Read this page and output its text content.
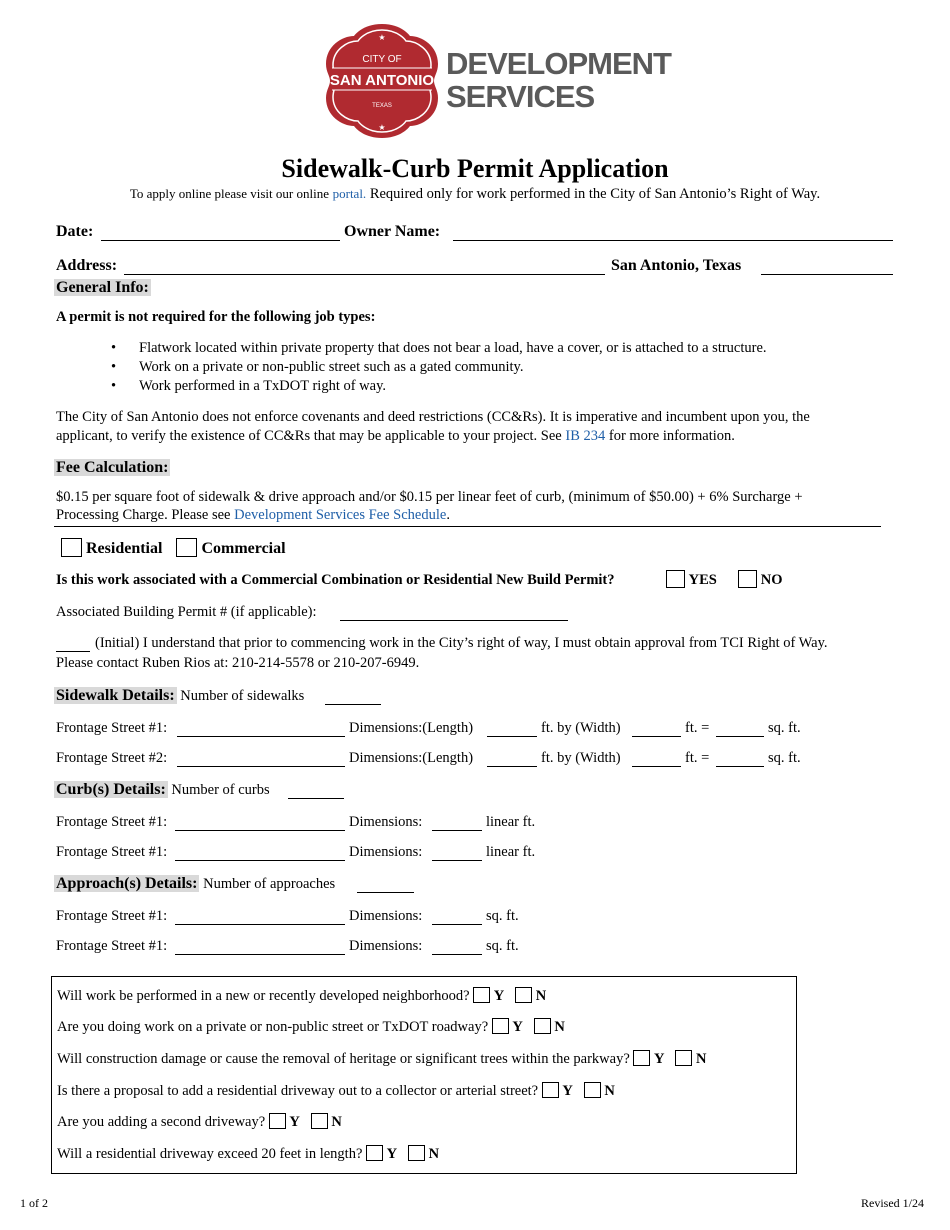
★
★
CITY OF
SAN ANTONIO
TEXAS
DEVELOPMENT
SERVICES
Sidewalk-Curb Permit Application
To apply online please visit our online portal. Required only for work performed in the City of San Antonio’s Right of Way.
Date:	Owner Name:
Address:	San Antonio, Texas
General Info:
A permit is not required for the following job types:
• Flatwork located within private property that does not bear a load, have a cover, or is attached to a structure.
• Work on a private or non-public street such as a gated community.
• Work performed in a TxDOT right of way.
The City of San Antonio does not enforce covenants and deed restrictions (CC&Rs). It is imperative and incumbent upon you, the
applicant, to verify the existence of CC&Rs that may be applicable to your project. See IB 234 for more information.
Fee Calculation:
$0.15 per square foot of sidewalk & drive approach and/or $0.15 per linear feet of curb, (minimum of $50.00) + 6% Surcharge +
Processing Charge. Please see Development Services Fee Schedule.
Residential Commercial
Is this work associated with a Commercial Combination or Residential New Build Permit?	YES	NO
Associated Building Permit # (if applicable):
(Initial) I understand that prior to commencing work in the City’s right of way, I must obtain approval from TCI Right of Way.
Please contact Ruben Rios at: 210-214-5578 or 210-207-6949.
Sidewalk Details: Number of sidewalks
Frontage Street #1:	Dimensions:(Length)	ft. by (Width)	ft. =	sq. ft.
Frontage Street #2:	Dimensions:(Length)	ft. by (Width)	ft. =	sq. ft.
Curb(s) Details: Number of curbs
Frontage Street #1:	Dimensions:	linear ft.
Frontage Street #1:	Dimensions:	linear ft.
Approach(s) Details: Number of approaches
Frontage Street #1:	Dimensions:	sq. ft.
Frontage Street #1:	Dimensions:	sq. ft.
Will work be performed in a new or recently developed neighborhood? Y N
Are you doing work on a private or non-public street or TxDOT roadway? Y N
Will construction damage or cause the removal of heritage or significant trees within the parkway? Y N
Is there a proposal to add a residential driveway out to a collector or arterial street? Y N
Are you adding a second driveway? Y N
Will a residential driveway exceed 20 feet in length? Y N
1 of 2	Revised 1/24
